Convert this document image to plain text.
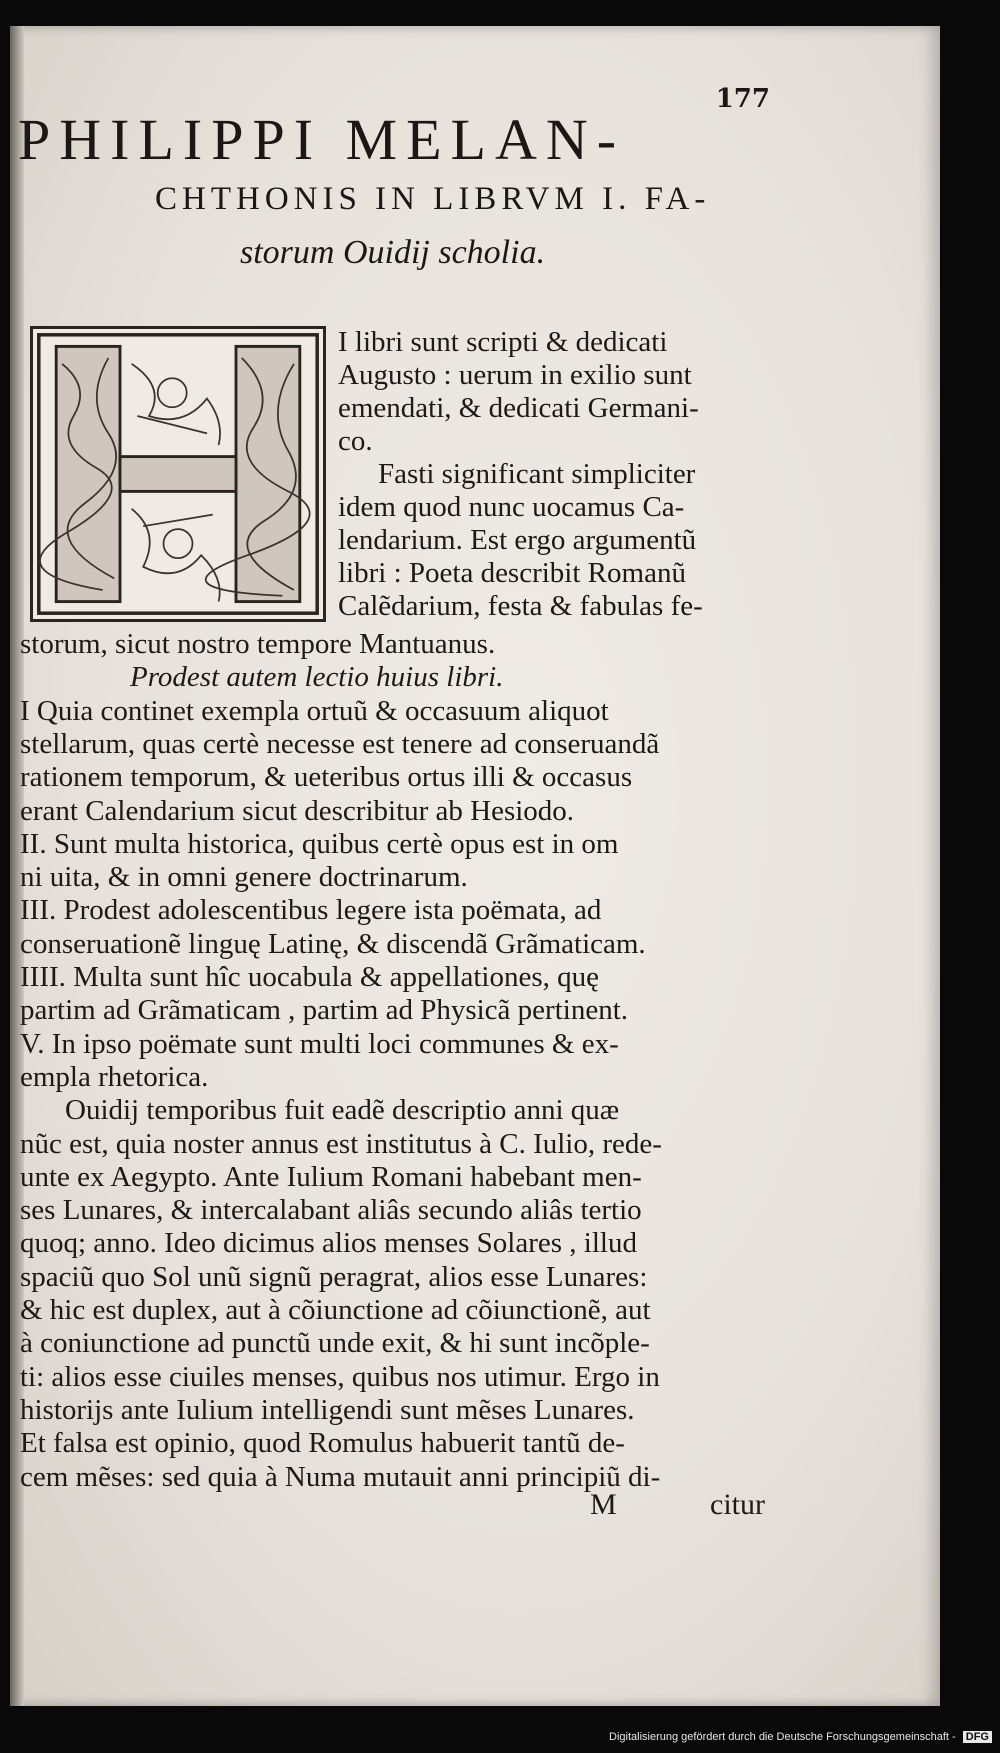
177
PHILIPPI MELAN-
CHTHONIS IN LIBRVM I. FA-
storum Ouidij scholia.
I libri sunt scripti & dedicati
Augusto : uerum in exilio sunt
emendati, & dedicati Germani-
co.
Fasti significant simpliciter
idem quod nunc uocamus Ca-
lendarium. Est ergo argumentũ
libri : Poeta describit Romanũ
Calẽdarium, festa & fabulas fe-
storum, sicut nostro tempore Mantuanus.
Prodest autem lectio huius libri.
I Quia continet exempla ortuũ & occasuum aliquot
stellarum, quas certè necesse est tenere ad conseruandã
rationem temporum, & ueteribus ortus illi & occasus
erant Calendarium sicut describitur ab Hesiodo.
II. Sunt multa historica, quibus certè opus est in om
ni uita, & in omni genere doctrinarum.
III. Prodest adolescentibus legere ista poëmata, ad
conseruationẽ linguę Latinę, & discendã Grãmaticam.
IIII. Multa sunt hîc uocabula & appellationes, quę
partim ad Grãmaticam , partim ad Physicã pertinent.
V. In ipso poëmate sunt multi loci communes & ex-
empla rhetorica.
Ouidij temporibus fuit eadẽ descriptio anni quæ
nũc est, quia noster annus est institutus à C. Iulio, rede-
unte ex Aegypto. Ante Iulium Romani habebant men-
ses Lunares, & intercalabant aliâs secundo aliâs tertio
quoq; anno. Ideo dicimus alios menses Solares , illud
spaciũ quo Sol unũ signũ peragrat, alios esse Lunares:
& hic est duplex, aut à cõiunctione ad cõiunctionẽ, aut
à coniunctione ad punctũ unde exit, & hi sunt incõple-
ti: alios esse ciuiles menses, quibus nos utimur. Ergo in
historijs ante Iulium intelligendi sunt mẽses Lunares.
Et falsa est opinio, quod Romulus habuerit tantũ de-
cem mẽses: sed quia à Numa mutauit anni principiũ di-
M	citur
Digitalisierung gefördert durch die Deutsche Forschungsgemeinschaft - DFG
